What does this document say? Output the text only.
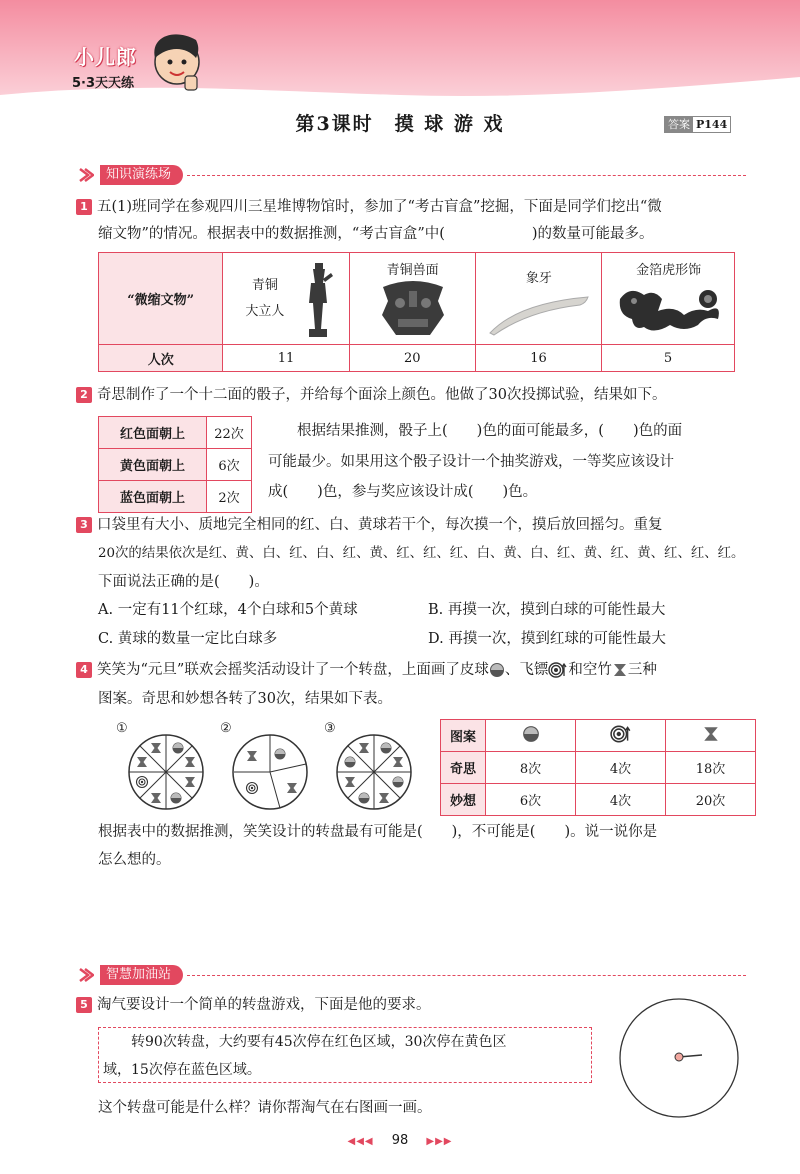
小儿郎
5·3天天练
第3课时　摸 球 游 戏	答案 P144
知识演练场
1 五(1)班同学在参观四川三星堆博物馆时，参加了“考古盲盒”挖掘，下面是同学们挖出“微
缩文物”的情况。根据表中的数据推测，“考古盲盒”中(　　　　　　)的数量可能最多。
“微缩文物”	青铜
大立人	青铜兽面	象牙	金箔虎形饰

人次	11	20	16	5
2 奇思制作了一个十二面的骰子，并给每个面涂上颜色。他做了30次投掷试验，结果如下。
红色面朝上	22次
黄色面朝上	6次
蓝色面朝上	2次
根据结果推测，骰子上(　　)色的面可能最多，(　　)色的面
可能最少。如果用这个骰子设计一个抽奖游戏，一等奖应该设计
成(　　)色，参与奖应该设计成(　　)色。
3 口袋里有大小、质地完全相同的红、白、黄球若干个，每次摸一个，摸后放回摇匀。重复
20次的结果依次是红、黄、白、红、白、红、黄、红、红、红、白、黄、白、红、黄、红、黄、红、红、红。
下面说法正确的是(　　)。
A. 一定有11个红球，4个白球和5个黄球	B. 再摸一次，摸到白球的可能性最大
C. 黄球的数量一定比白球多	D. 再摸一次，摸到红球的可能性最大
4 笑笑为“元旦”联欢会摇奖活动设计了一个转盘，上面画了皮球 、飞镖 和空竹 三种
图案。奇思和妙想各转了30次，结果如下表。
①	②	③
图案			
奇思	8次	4次	18次
妙想	6次	4次	20次
根据表中的数据推测，笑笑设计的转盘最有可能是(　　)，不可能是(　　)。说一说你是
怎么想的。
智慧加油站
5 淘气要设计一个简单的转盘游戏，下面是他的要求。
转90次转盘，大约要有45次停在红色区域，30次停在黄色区
域，15次停在蓝色区域。
这个转盘可能是什么样？请你帮淘气在右图画一画。
◀◀◀ 98 ▶▶▶
